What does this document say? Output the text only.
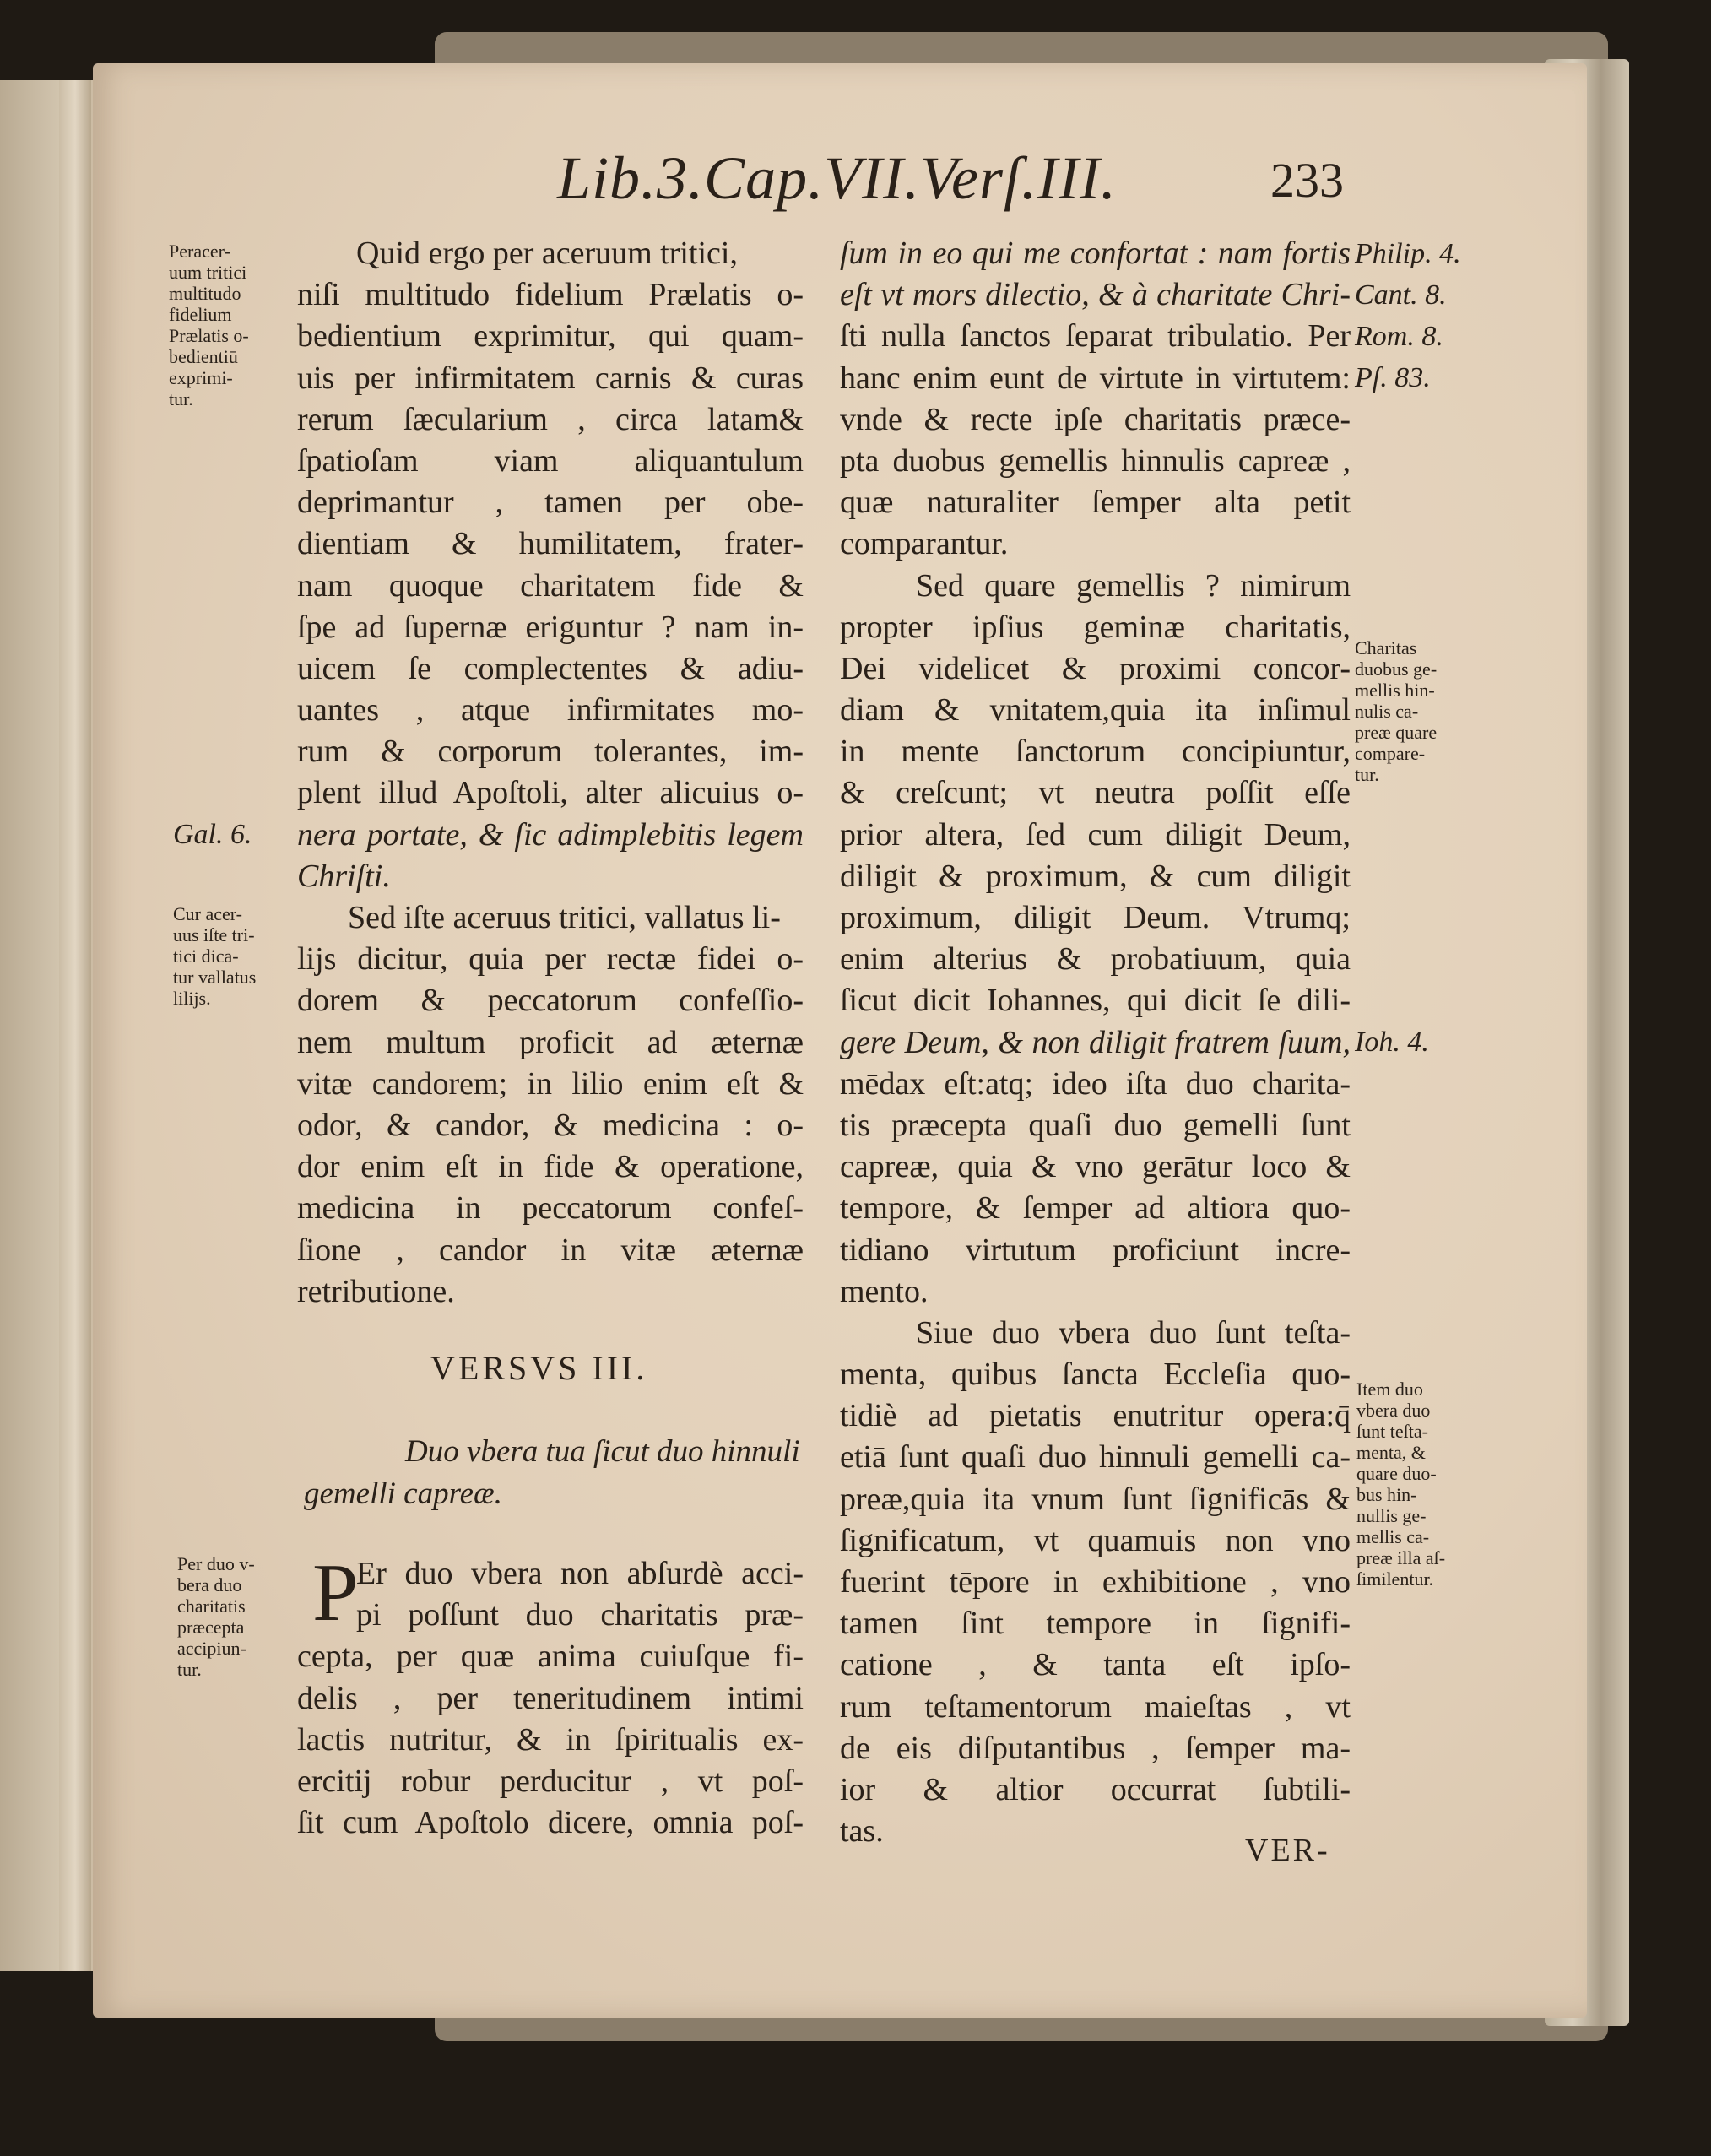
Lib.3.Cap.VII.Verſ.III.	233
Quid ergo per aceruum tritici,
niſi multitudo fidelium Prælatis o-
bedientium exprimitur, qui quam-
uis per infirmitatem carnis & curas
rerum ſæcularium , circa latam&
ſpatioſam viam aliquantulum
deprimantur , tamen per obe-
dientiam & humilitatem, frater-
nam quoque charitatem fide &
ſpe ad ſupernæ eriguntur ? nam in-
uicem ſe complectentes & adiu-
uantes , atque infirmitates mo-
rum & corporum tolerantes, im-
plent illud Apoſtoli, alter alicuius o-
nera portate, & ſic adimplebitis legem
Chriſti.
Sed iſte aceruus tritici, vallatus li-
lijs dicitur, quia per rectæ fidei o-
dorem & peccatorum confeſſio-
nem multum proficit ad æternæ
vitæ candorem; in lilio enim eſt &
odor, & candor, & medicina : o-
dor enim eſt in fide & operatione,
medicina in peccatorum confeſ-
ſione , candor in vitæ æternæ
retributione.
VERSVS III.
Duo vbera tua ſicut duo hinnuli
gemelli capreæ.
P
Er duo vbera non abſurdè acci-
pi poſſunt duo charitatis præ-
cepta, per quæ anima cuiuſque fi-
delis , per teneritudinem intimi
lactis nutritur, & in ſpiritualis ex-
ercitij robur perducitur , vt poſ-
ſit cum Apoſtolo dicere, omnia poſ-
ſum in eo qui me confortat : nam fortis
eſt vt mors dilectio, & à charitate Chri-
ſti nulla ſanctos ſeparat tribulatio. Per
hanc enim eunt de virtute in virtutem:
vnde & recte ipſe charitatis præce-
pta duobus gemellis hinnulis capreæ ,
quæ naturaliter ſemper alta petit
comparantur.
Sed quare gemellis ? nimirum
propter ipſius geminæ charitatis,
Dei videlicet & proximi concor-
diam & vnitatem,quia ita inſimul
in mente ſanctorum concipiuntur,
& creſcunt; vt neutra poſſit eſſe
prior altera, ſed cum diligit Deum,
diligit & proximum, & cum diligit
proximum, diligit Deum. Vtrumq;
enim alterius & probatiuum, quia
ſicut dicit Iohannes, qui dicit ſe dili-
gere Deum, & non diligit fratrem ſuum,
mēdax eſt:atq; ideo iſta duo charita-
tis præcepta quaſi duo gemelli ſunt
capreæ, quia & vno gerātur loco &
tempore, & ſemper ad altiora quo-
tidiano virtutum proficiunt incre-
mento.
Siue duo vbera duo ſunt teſta-
menta, quibus ſancta Eccleſia quo-
tidiè ad pietatis enutritur opera:q̄
etiā ſunt quaſi duo hinnuli gemelli ca-
preæ,quia ita vnum ſunt ſignificās &
ſignificatum, vt quamuis non vno
fuerint tēpore in exhibitione , vno
tamen ſint tempore in ſignifi-
catione , & tanta eſt ipſo-
rum teſtamentorum maieſtas , vt
de eis diſputantibus , ſemper ma-
ior & altior occurrat ſubtili-
tas.
VER-
Peracer-
uum tritici
multitudo
fidelium
Prælatis o-
bedientiū
exprimi-
tur.
Gal. 6.
Cur acer-
uus iſte tri-
tici dica-
tur vallatus
lilijs.
Per duo v-
bera duo
charitatis
præcepta
accipiun-
tur.
Philip. 4.
Cant. 8.
Rom. 8.
Pſ. 83.
Charitas
duobus ge-
mellis hin-
nulis ca-
preæ quare
compare-
tur.
Ioh. 4.
Item duo
vbera duo
ſunt teſta-
menta, &
quare duo-
bus hin-
nullis ge-
mellis ca-
preæ illa aſ-
ſimilentur.
